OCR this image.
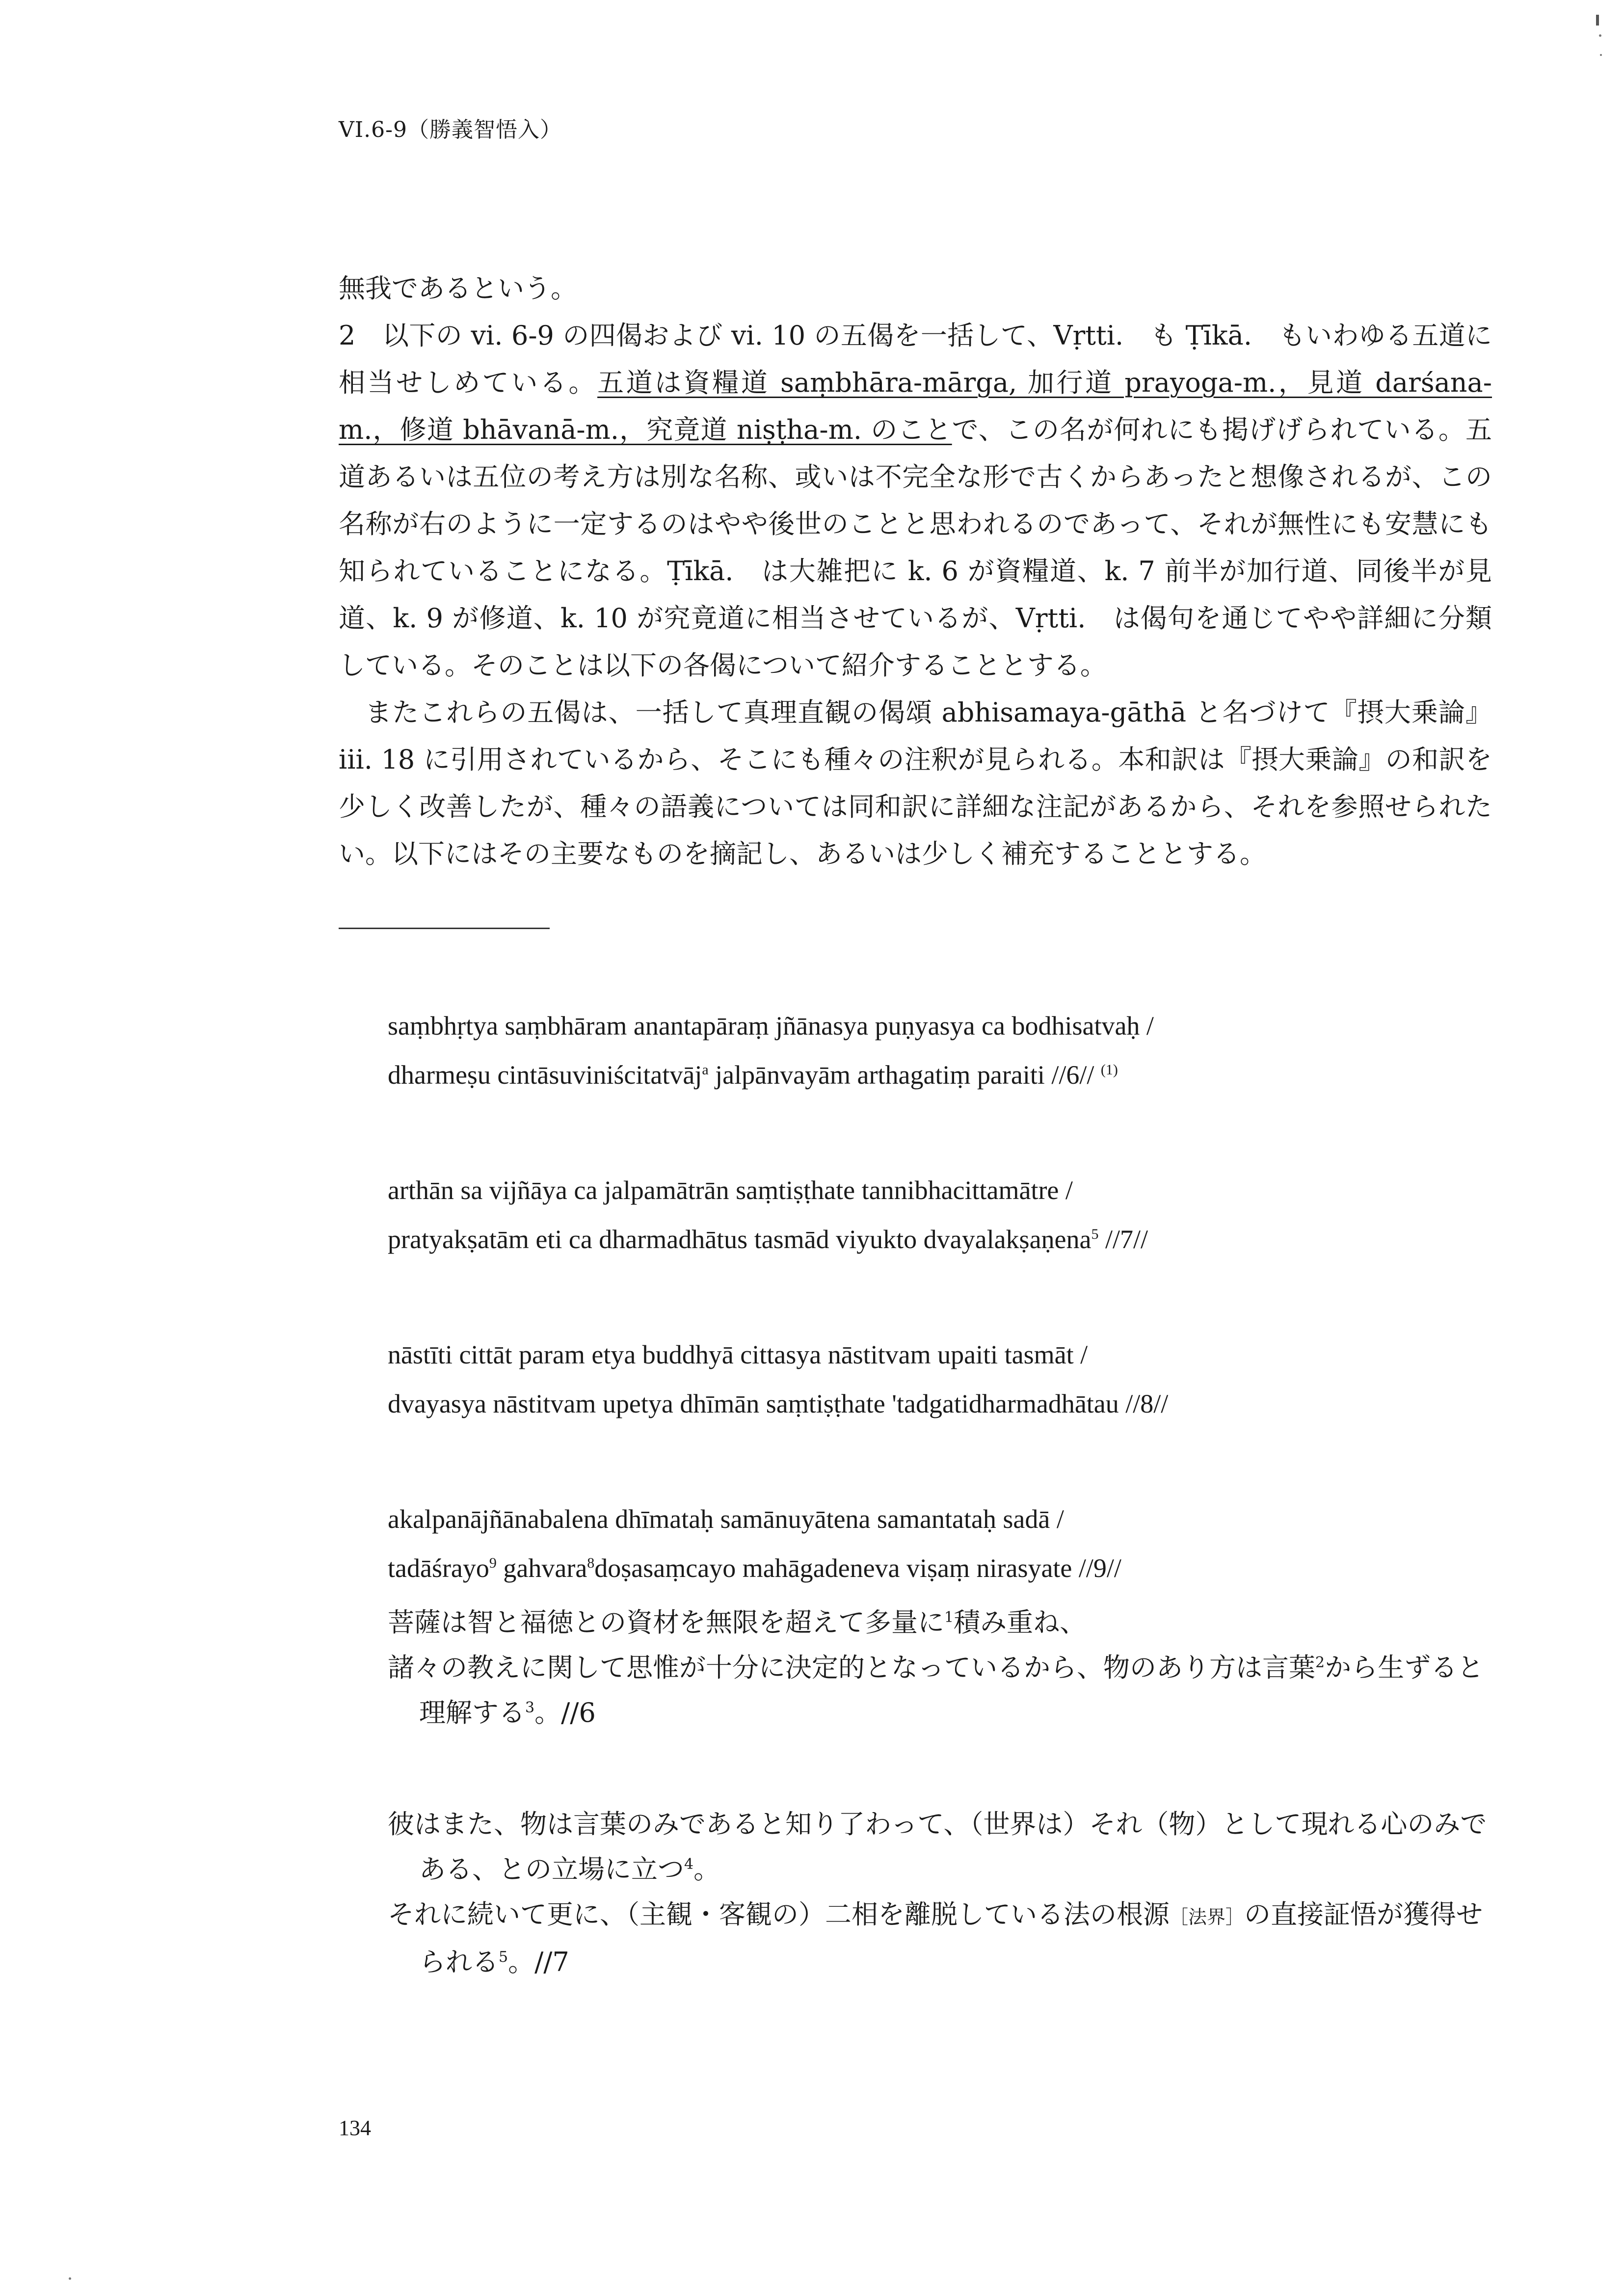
VI.6-9（勝義智悟入）

無我であるという。

2　以下の vi. 6-9 の四偈および vi. 10 の五偈を一括して、Vṛtti.　も Ṭīkā.　もいわゆる五道に相当せしめている。五道は資糧道 saṃbhāra-mārga, 加行道 prayoga-m.，見道 darśana-m.，修道 bhāvanā-m.，究竟道 niṣṭha-m. のことで、この名が何れにも掲げげられている。五道あるいは五位の考え方は別な名称、或いは不完全な形で古くからあったと想像されるが、この名称が右のように一定するのはやや後世のことと思われるのであって、それが無性にも安慧にも知られていることになる。Ṭīkā.　は大雑把に k. 6 が資糧道、k. 7 前半が加行道、同後半が見道、k. 9 が修道、k. 10 が究竟道に相当させているが、Vṛtti.　は偈句を通じてやや詳細に分類している。そのことは以下の各偈について紹介することとする。

またこれらの五偈は、一括して真理直観の偈頌 abhisamaya-gāthā と名づけて『摂大乗論』iii. 18 に引用されているから、そこにも種々の注釈が見られる。本和訳は『摂大乗論』の和訳を少しく改善したが、種々の語義については同和訳に詳細な注記があるから、それを参照せられたい。以下にはその主要なものを摘記し、あるいは少しく補充することとする。

saṃbhṛtya saṃbhāram anantapāraṃ jñānasya puṇyasya ca bodhisatvaḥ /
dharmeṣu cintāsuviniścitatvāj$^a$ jalpānvayām arthagatiṃ paraiti //6// $^{(1)}$
arthān sa vijñāya ca jalpamātrān saṃtiṣṭhate tannibhacittamātre /
pratyakṣatām eti ca dharmadhātus tasmād viyukto dvayalakṣaṇena$^5$ //7//
nāstīti cittāt param etya buddhyā cittasya nāstitvam upaiti tasmāt /
dvayasya nāstitvam upetya dhīmān saṃtiṣṭhate 'tadgatidharmadhātau //8//
akalpanājñānabalena dhīmataḥ samānuyātena samantataḥ sadā /
tadāśrayo$^9$ gahvara$^8$doṣasaṃcayo mahāgadeneva viṣaṃ nirasyate //9//

菩薩は智と福徳との資材を無限を超えて多量に$^1$積み重ね、

諸々の教えに関して思惟が十分に決定的となっているから、物のあり方は言葉$^2$から生ずると理解する$^3$。//6

彼はまた、物は言葉のみであると知り了わって、（世界は）それ（物）として現れる心のみである、との立場に立つ$^4$。

それに続いて更に、（主観・客観の）二相を離脱している法の根源［法界］の直接証悟が獲得せられる$^5$。//7

134
